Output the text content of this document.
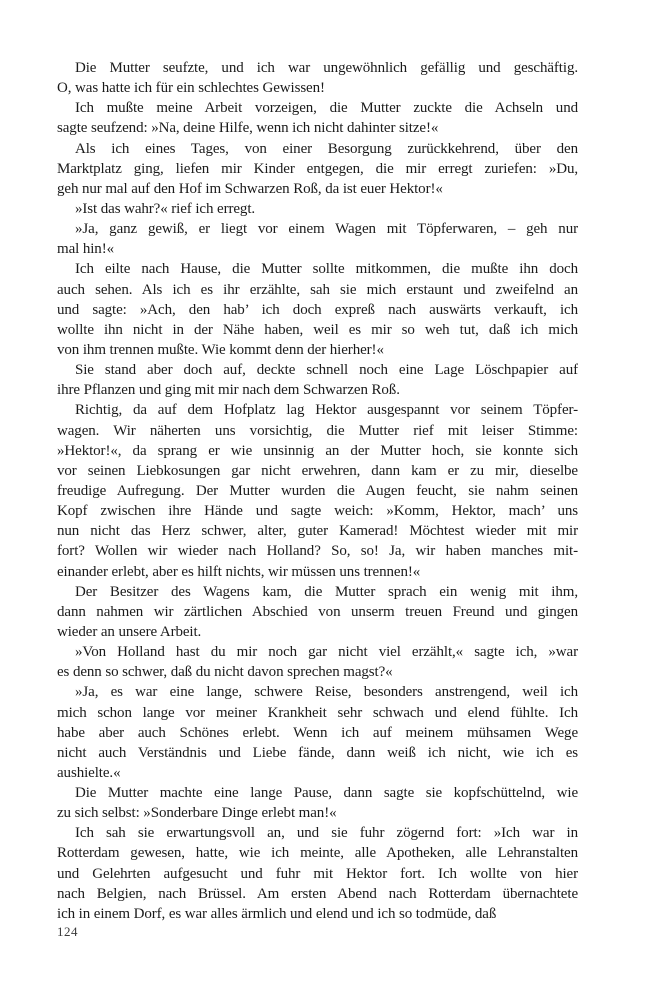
Die Mutter seufzte, und ich war ungewöhnlich gefällig und geschäftig.
O, was hatte ich für ein schlechtes Gewissen!
Ich mußte meine Arbeit vorzeigen, die Mutter zuckte die Achseln und
sagte seufzend: »Na, deine Hilfe, wenn ich nicht dahinter sitze!«
Als ich eines Tages, von einer Besorgung zurückkehrend, über den
Marktplatz ging, liefen mir Kinder entgegen, die mir erregt zuriefen: »Du,
geh nur mal auf den Hof im Schwarzen Roß, da ist euer Hektor!«
»Ist das wahr?« rief ich erregt.
»Ja, ganz gewiß, er liegt vor einem Wagen mit Töpferwaren, – geh nur
mal hin!«
Ich eilte nach Hause, die Mutter sollte mitkommen, die mußte ihn doch
auch sehen. Als ich es ihr erzählte, sah sie mich erstaunt und zweifelnd an
und sagte: »Ach, den hab’ ich doch expreß nach auswärts verkauft, ich
wollte ihn nicht in der Nähe haben, weil es mir so weh tut, daß ich mich
von ihm trennen mußte. Wie kommt denn der hierher!«
Sie stand aber doch auf, deckte schnell noch eine Lage Löschpapier auf
ihre Pflanzen und ging mit mir nach dem Schwarzen Roß.
Richtig, da auf dem Hofplatz lag Hektor ausgespannt vor seinem Töpfer-
wagen. Wir näherten uns vorsichtig, die Mutter rief mit leiser Stimme:
»Hektor!«, da sprang er wie unsinnig an der Mutter hoch, sie konnte sich
vor seinen Liebkosungen gar nicht erwehren, dann kam er zu mir, dieselbe
freudige Aufregung. Der Mutter wurden die Augen feucht, sie nahm seinen
Kopf zwischen ihre Hände und sagte weich: »Komm, Hektor, mach’ uns
nun nicht das Herz schwer, alter, guter Kamerad! Möchtest wieder mit mir
fort? Wollen wir wieder nach Holland? So, so! Ja, wir haben manches mit-
einander erlebt, aber es hilft nichts, wir müssen uns trennen!«
Der Besitzer des Wagens kam, die Mutter sprach ein wenig mit ihm,
dann nahmen wir zärtlichen Abschied von unserm treuen Freund und gingen
wieder an unsere Arbeit.
»Von Holland hast du mir noch gar nicht viel erzählt,« sagte ich, »war
es denn so schwer, daß du nicht davon sprechen magst?«
»Ja, es war eine lange, schwere Reise, besonders anstrengend, weil ich
mich schon lange vor meiner Krankheit sehr schwach und elend fühlte. Ich
habe aber auch Schönes erlebt. Wenn ich auf meinem mühsamen Wege
nicht auch Verständnis und Liebe fände, dann weiß ich nicht, wie ich es
aushielte.«
Die Mutter machte eine lange Pause, dann sagte sie kopfschüttelnd, wie
zu sich selbst: »Sonderbare Dinge erlebt man!«
Ich sah sie erwartungsvoll an, und sie fuhr zögernd fort: »Ich war in
Rotterdam gewesen, hatte, wie ich meinte, alle Apotheken, alle Lehranstalten
und Gelehrten aufgesucht und fuhr mit Hektor fort. Ich wollte von hier
nach Belgien, nach Brüssel. Am ersten Abend nach Rotterdam übernachtete
ich in einem Dorf, es war alles ärmlich und elend und ich so todmüde, daß
124
